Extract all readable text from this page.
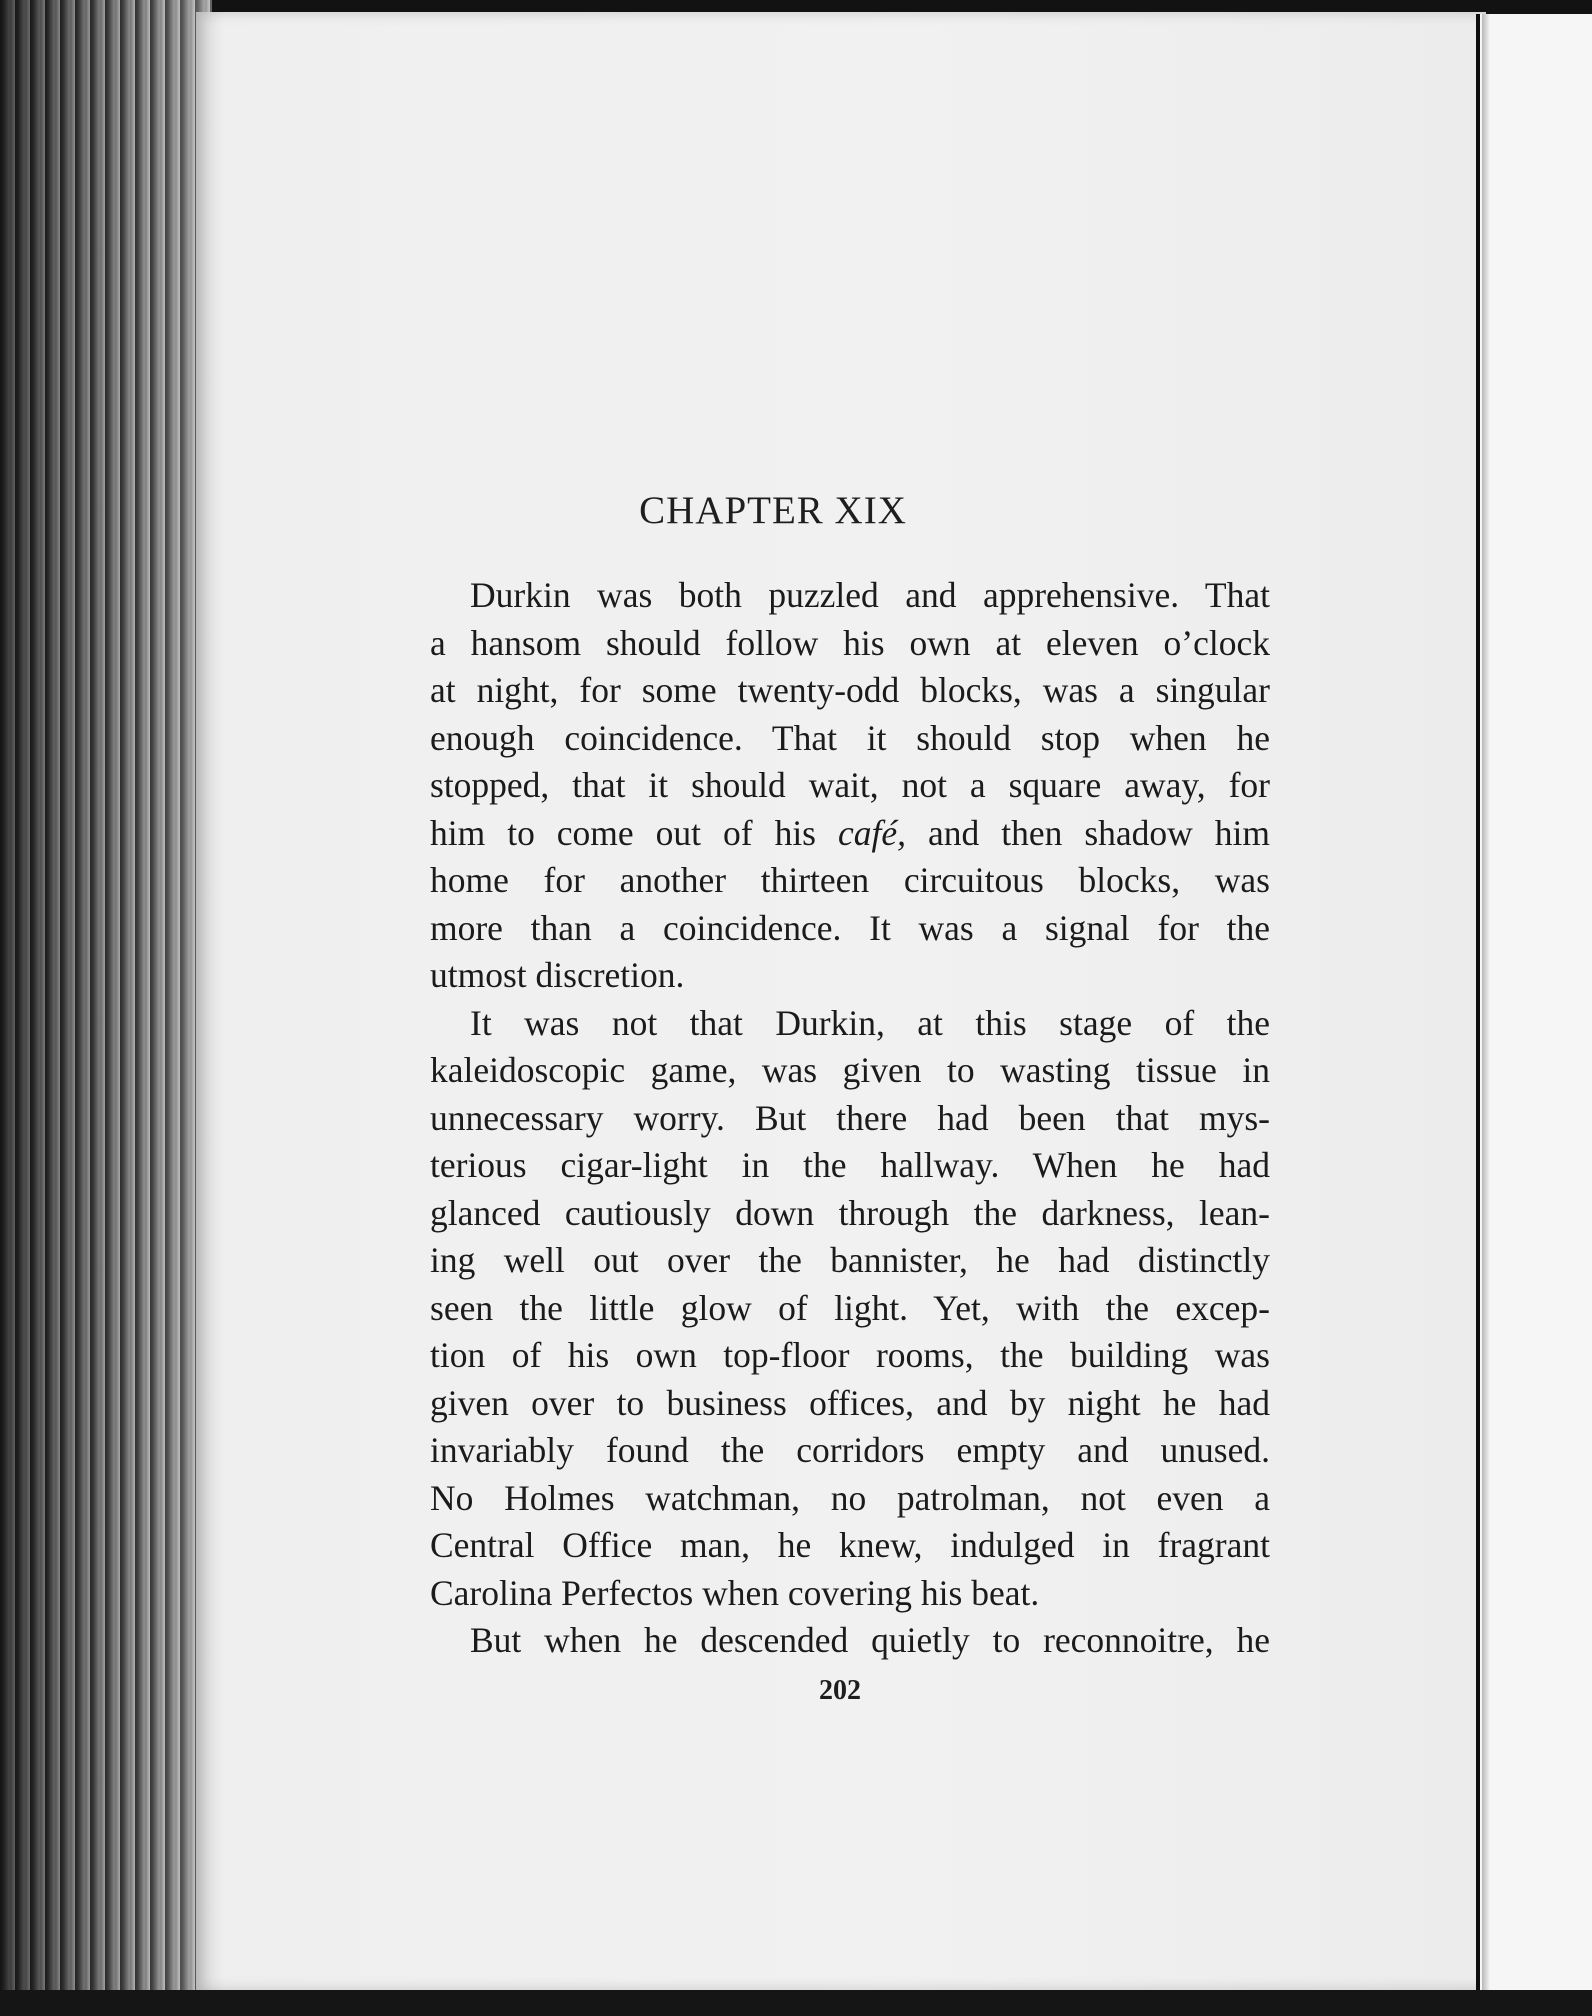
CHAPTER XIX
Durkin was both puzzled and apprehensive. That
a hansom should follow his own at eleven o’clock
at night, for some twenty-odd blocks, was a singular
enough coincidence. That it should stop when he
stopped, that it should wait, not a square away, for
him to come out of his café, and then shadow him
home for another thirteen circuitous blocks, was
more than a coincidence. It was a signal for the
utmost discretion.
It was not that Durkin, at this stage of the
kaleidoscopic game, was given to wasting tissue in
unnecessary worry. But there had been that mys-
terious cigar-light in the hallway. When he had
glanced cautiously down through the darkness, lean-
ing well out over the bannister, he had distinctly
seen the little glow of light. Yet, with the excep-
tion of his own top-floor rooms, the building was
given over to business offices, and by night he had
invariably found the corridors empty and unused.
No Holmes watchman, no patrolman, not even a
Central Office man, he knew, indulged in fragrant
Carolina Perfectos when covering his beat.
But when he descended quietly to reconnoitre, he

202
